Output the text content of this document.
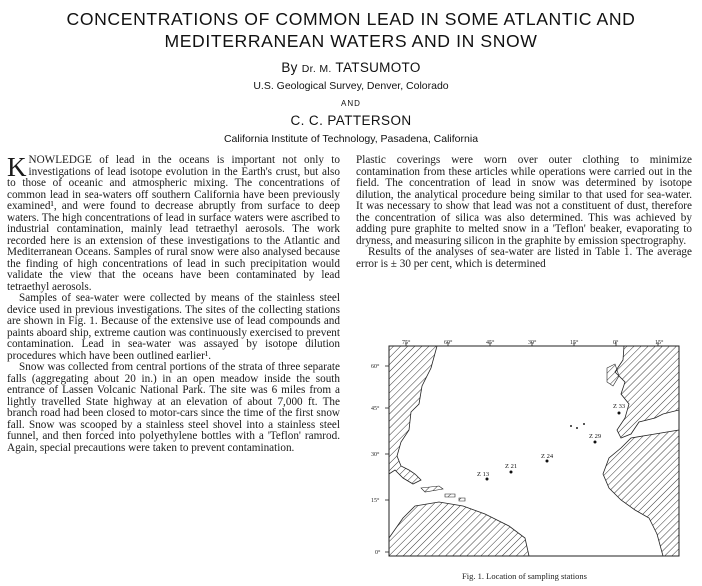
CONCENTRATIONS OF COMMON LEAD IN SOME ATLANTIC AND
MEDITERRANEAN WATERS AND IN SNOW
By Dr. M. TATSUMOTO
U.S. Geological Survey, Denver, Colorado
AND
C. C. PATTERSON
California Institute of Technology, Pasadena, California

KNOWLEDGE of lead in the oceans is important not only to investigations of lead isotope evolution in the Earth's crust, but also to those of oceanic and atmospheric mixing. The concentrations of common lead in sea-waters off southern California have been previously examined¹, and were found to decrease abruptly from surface to deep waters. The high concentrations of lead in surface waters were ascribed to industrial contamination, mainly lead tetraethyl aerosols. The work recorded here is an extension of these investigations to the Atlantic and Mediterranean Oceans. Samples of rural snow were also analysed because the finding of high concentrations of lead in such precipitation would validate the view that the oceans have been contaminated by lead tetraethyl aerosols.

Samples of sea-water were collected by means of the stainless steel device used in previous investigations. The sites of the collecting stations are shown in Fig. 1. Because of the extensive use of lead compounds and paints aboard ship, extreme caution was continuously exercised to prevent contamination. Lead in sea-water was assayed by isotope dilution procedures which have been outlined earlier¹.

Snow was collected from central portions of the strata of three separate falls (aggregating about 20 in.) in an open meadow inside the south entrance of Lassen Volcanic National Park. The site was 6 miles from a lightly travelled State highway at an elevation of about 7,000 ft. The branch road had been closed to motor-cars since the time of the first snow fall. Snow was scooped by a stainless steel shovel into a stainless steel funnel, and then forced into polyethylene bottles with a 'Teflon' ramrod. Again, special precautions were taken to prevent contamination.

Plastic coverings were worn over outer clothing to minimize contamination from these articles while operations were carried out in the field. The concentration of lead in snow was determined by isotope dilution, the analytical procedure being similar to that used for sea-water. It was necessary to show that lead was not a constituent of dust, therefore the concentration of silica was also determined. This was achieved by adding pure graphite to melted snow in a 'Teflon' beaker, evaporating to dryness, and measuring silicon in the graphite by emission spectrography.

Results of the analyses of sea-water are listed in Table 1. The average error is ± 30 per cent, which is determined

75°	60°	45°	30°	15°	0°	15°
60°
45°
30°
15°
0°
Z 13
Z 21
Z 24
Z 29
Z 33
Fig. 1. Location of sampling stations
